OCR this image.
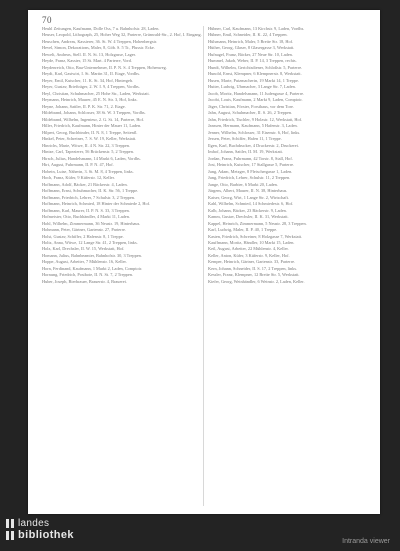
70

Heuhl Zeitungen, Kaufmann, Dolle Oss, 7 u. Bahnhofstr. 28, Laden.

Heuser, Leopold, Lithograph, 25, Hoher Weg 32, Parterre, Grünwald-Str., 2. Hof, I. Eingang.

Heuschen, Andreas, Kassierer, 36. St. W. 4 Treppen, Hohenbergstr.

Hevel, Simon, Dekorations, Maler, 8, Göb. S. 5 Tr., Plusstr. Ecke.

Hewelt, Andreas, Stell. II. N. St. 13, Holzgasse, Lager.

Heyde, Franz, Kassier, 15 St. Mart. 4 Parterre, Vord.

Heydenreich, Otto, Bau-Unternehmer, II. P. N. S. 4 Treppen, Hohenweg.

Heydt, Karl, Gastwirt, I. St. Martin 31, II. Etage, Vordhs.

Heyer, Emil, Kutscher, 11. K. St. 34, Hof, Hintergeb.

Heyer, Gustav, Briefträger, 2. W. I. 9, 4 Treppen, Vordhs.

Heyl, Christian, Schuhmacher, 25 Hohe Str., Laden, Werkstatt.

Heymann, Heinrich, Maurer, 45 E. N. Str. 3, Hof, links.

Heyne, Johann, Sattler, II. P. K. Str. 71, 2. Etage.

Hildebrand, Johann, Schlosser, 38 St. W. 3 Treppen, Vordhs.

Hildebrand, Wilhelm, Ingenieur, 2. G. St. 14, Parterre, Hof.

Hiller, Friedrich, Kaufmann, Hinter der Mauer 11, Laden.

Hilpert, Georg, Buchbinder, II. N. 8, 1 Treppe, Seitenfl.

Hinkel, Peter, Schreiner, 7. S. W. 19, Keller, Werkstatt.

Hinrichs, Marie, Witwe, II. 4 N. Str. 22, 3 Treppen.

Hintze, Carl, Tapezierer, 56 Brückenstr. 5, 2 Treppen.

Hirsch, Julius, Handelsmann, 14 Markt 6, Laden, Vordhs.

Hirt, August, Fuhrmann, II. P. N. 47, Hof.

Hobein, Luise, Näherin, 3. St. M. 8, 4 Treppen, links.

Hoch, Franz, Küfer, 9 Küferstr. 12, Keller.

Hoffmann, Adolf, Bäcker, 21 Bäckerstr. 4, Laden.

Hoffmann, Ernst, Schuhmacher, II. K. Str. 56, 1 Treppe.

Hoffmann, Friedrich, Lehrer, 7 Schulstr. 3, 2 Treppen.

Hoffmann, Heinrich, Schmied, 18 Hinter der Schmiede 2, Hof.

Hoffmann, Karl, Maurer, II. P. N. S. 33, 3 Treppen.

Hofmeister, Otto, Buchhändler, 4 Markt 11, Laden.

Hohl, Wilhelm, Zimmermann, 36 Neustr. 19, Hinterhaus.

Hohmann, Peter, Gärtner, Gartenstr. 27, Parterre.

Holst, Gustav, Schiffer, 2 Hafenstr. 8, 1 Treppe.

Holtz, Anna, Witwe, 12 Lange Str. 41, 2 Treppen, links.

Holz, Karl, Drechsler, II. W. 15, Werkstatt, Hof.

Homann, Julius, Bahnbeamter, Bahnhofstr. 30, 3 Treppen.

Hoppe, August, Arbeiter, 7 Mühlenstr. 16, Keller.

Horn, Ferdinand, Kaufmann, 1 Markt 2, Laden, Comptoir.

Hornung, Friedrich, Postbote, II. N. St. 7, 2 Treppen.

Huber, Joseph, Bierbrauer, Brauerstr. 4, Brauerei.

Hübner, Carl, Kaufmann, 13 Kirchstr. 9, Laden, Vordhs.

Hübner, Emil, Schneider, II. K. 22, 4 Treppen.

Hülsmann, Heinrich, Maler, 5 Breite Str. 18, Hof.

Hüther, Georg, Glaser, 8 Glasergasse 3, Werkstatt.

Hufnagel, Franz, Bäcker, 27 Neue Str. 10, Laden.

Hummel, Jakob, Weber, II. P. 14, 3 Treppen, rechts.

Hundt, Wilhelm, Gerichtsdiener, Schloßstr. 5, Parterre.

Hunold, Ernst, Klempner, 6 Klempnerstr. 8, Werkstatt.

Husen, Marie, Putzmacherin, 19 Markt 14, 1 Treppe.

Hutter, Ludwig, Uhrmacher, 3 Lange Str. 7, Laden.

Jacob, Moritz, Handelsmann, 11 Judengasse 4, Parterre.

Jacobi, Louis, Kaufmann, 2 Markt 9, Laden, Comptoir.

Jäger, Christian, Förster, Forsthaus, vor dem Tore.

Jahn, August, Schuhmacher, II. S. 26, 2 Treppen.

Jahn, Friedrich, Tischler, 9 Holzstr. 12, Werkstatt, Hof.

Janssen, Hermann, Kaufmann, 5 Hafenstr. 3, Laden.

Jenner, Wilhelm, Schlosser, 31 Eisenstr. 6, Hof, links.

Jessen, Peter, Schiffer, Hafen 11, 1 Treppe.

Ilgen, Karl, Buchdrucker, 4 Druckerstr. 2, Druckerei.

Imhof, Johann, Sattler, II. M. 19, Werkstatt.

Jordan, Franz, Fuhrmann, 42 Torstr. 8, Stall, Hof.

Jost, Heinrich, Kutscher, 17 Stallgasse 5, Parterre.

Jung, Adam, Metzger, 8 Fleischergasse 1, Laden.

Jung, Friedrich, Lehrer, Schulstr. 11, 2 Treppen.

Junge, Otto, Barbier, 6 Markt 20, Laden.

Jürgens, Albert, Maurer, II. N. 38, Hinterhaus.

Kaiser, Georg, Wirt, 1 Lange Str. 2, Wirtschaft.

Kahl, Wilhelm, Schmied, 14 Schmiedestr. 6, Hof.

Kalb, Johann, Bäcker, 23 Bäckerstr. 9, Laden.

Kamm, Gustav, Drechsler, II. K. 31, Werkstatt.

Kappel, Heinrich, Zimmermann, 5 Neustr. 28, 3 Treppen.

Karl, Ludwig, Maler, II. P. 40, 1 Treppe.

Kasten, Friedrich, Schreiner, 8 Holzgasse 7, Werkstatt.

Kauffmann, Moritz, Händler, 10 Markt 15, Laden.

Keil, August, Arbeiter, 22 Mühlenstr. 4, Keller.

Keller, Anton, Küfer, 3 Küferstr. 9, Keller, Hof.

Kemper, Heinrich, Gärtner, Gartenstr. 33, Parterre.

Kern, Johann, Schneider, II. S. 17, 2 Treppen, links.

Kessler, Franz, Klempner, 12 Breite Str. 5, Werkstatt.

Kiefer, Georg, Weinhändler, 6 Weinstr. 2, Laden, Keller.

landes
bibliothek
Intranda viewer
